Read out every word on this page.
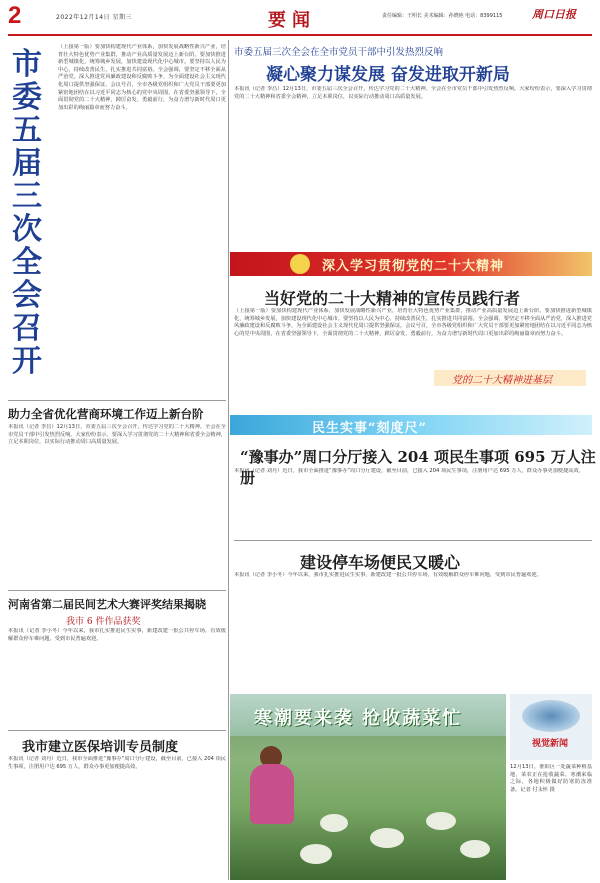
2	2022年12月14日 星期三	要闻	责任编辑：王明长 美术编辑：孙晓艳 电话：8399115	周口日报
市委五届三次全会召开
（上接第一版）要加快构建现代产业体系，加快发展战略性新兴产业，培育壮大特色优势产业集群，推动产业高质量发展迈上新台阶。要加快推进新型城镇化，统筹城乡发展，加快建设现代化中心城市。要坚持以人民为中心，持续改善民生，扎实推进共同富裕。全会强调，要坚定不移全面从严治党，深入推进党风廉政建设和反腐败斗争，为全面建设社会主义现代化周口提供坚强保证。会议号召，全市各级党组织和广大党员干部要更加紧密地团结在以习近平同志为核心的党中央周围，在省委坚强领导下，全面贯彻党的二十大精神，踔厉奋发、勇毅前行，为奋力谱写新时代周口更加出彩的绚丽篇章而努力奋斗。
助力全省优化营商环境工作迈上新台阶
本报讯（记者 李昌）12月13日，市委五届三次全会召开，传达学习党的二十大精神。全会在全市党员干部中引发热烈反响。大家纷纷表示，要深入学习贯彻党的二十大精神和省委全会精神，立足本职岗位，以实际行动推动周口高质量发展。
河南省第二届民间艺术大赛评奖结果揭晓
我市 6 件作品获奖
本报讯（记者 李小冬）今年以来，我市扎实推进民生实事，新建改建一批公共停车场，有效缓解群众停车难问题，受到市民普遍欢迎。
我市建立医保培训专员制度
本报讯（记者 刘丹）近日，我市全面推进“豫事办”周口分厅建设，截至目前，已接入 204 项民生事项，注册用户达 695 万人，群众办事更加便捷高效。
市委五届三次全会在全市党员干部中引发热烈反响
凝心聚力谋发展 奋发进取开新局
本报讯（记者 李昌）12月13日，市委五届三次全会召开，传达学习党的二十大精神。全会在全市党员干部中引发热烈反响。大家纷纷表示，要深入学习贯彻党的二十大精神和省委全会精神，立足本职岗位，以实际行动推动周口高质量发展。
深入学习贯彻党的二十大精神
当好党的二十大精神的宣传员践行者
（上接第一版）要加快构建现代产业体系，加快发展战略性新兴产业，培育壮大特色优势产业集群，推动产业高质量发展迈上新台阶。要加快推进新型城镇化，统筹城乡发展，加快建设现代化中心城市。要坚持以人民为中心，持续改善民生，扎实推进共同富裕。全会强调，要坚定不移全面从严治党，深入推进党风廉政建设和反腐败斗争，为全面建设社会主义现代化周口提供坚强保证。会议号召，全市各级党组织和广大党员干部要更加紧密地团结在以习近平同志为核心的党中央周围，在省委坚强领导下，全面贯彻党的二十大精神，踔厉奋发、勇毅前行，为奋力谱写新时代周口更加出彩的绚丽篇章而努力奋斗。
党的二十大精神进基层
民生实事“刻度尺”
“豫事办”周口分厅接入 204 项民生事项 695 万人注册
本报讯（记者 刘丹）近日，我市全面推进“豫事办”周口分厅建设，截至目前，已接入 204 项民生事项，注册用户达 695 万人，群众办事更加便捷高效。
建设停车场便民又暖心
本报讯（记者 李小冬）今年以来，我市扎实推进民生实事，新建改建一批公共停车场，有效缓解群众停车难问题，受到市民普遍欢迎。
寒潮要来袭 抢收蔬菜忙
视觉新闻
12月13日，淮阳区一处蔬菜种植基地，菜农正在抢收蔬菜。寒潮来临之际，各地积极做好防寒防冻准备。记者 付永怀 摄
